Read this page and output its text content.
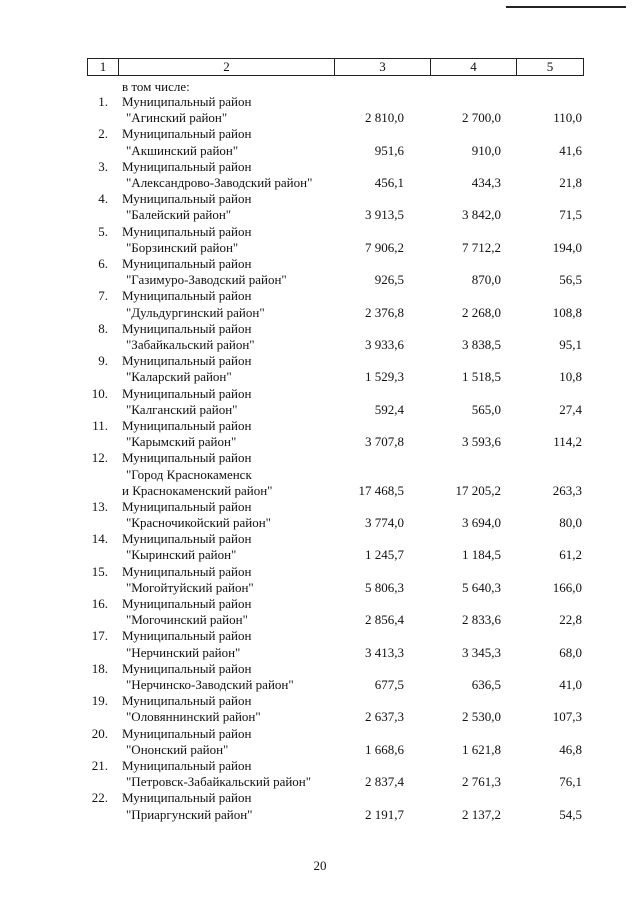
1	2	3	4	5
в том числе:
1. Муниципальный район
"Агинский район"	2 810,0	2 700,0	110,0
2. Муниципальный район
"Акшинский район"	951,6	910,0	41,6
3. Муниципальный район
"Александрово-Заводский район"	456,1	434,3	21,8
4. Муниципальный район
"Балейский район"	3 913,5	3 842,0	71,5
5. Муниципальный район
"Борзинский район"	7 906,2	7 712,2	194,0
6. Муниципальный район
"Газимуро-Заводский район"	926,5	870,0	56,5
7. Муниципальный район
"Дульдургинский район"	2 376,8	2 268,0	108,8
8. Муниципальный район
"Забайкальский район"	3 933,6	3 838,5	95,1
9. Муниципальный район
"Каларский район"	1 529,3	1 518,5	10,8
10. Муниципальный район
"Калганский район"	592,4	565,0	27,4
11. Муниципальный район
"Карымский район"	3 707,8	3 593,6	114,2
12. Муниципальный район
"Город Краснокаменск
и Краснокаменский район"	17 468,5	17 205,2	263,3
13. Муниципальный район
"Красночикойский район"	3 774,0	3 694,0	80,0
14. Муниципальный район
"Кыринский район"	1 245,7	1 184,5	61,2
15. Муниципальный район
"Могойтуйский район"	5 806,3	5 640,3	166,0
16. Муниципальный район
"Могочинский район"	2 856,4	2 833,6	22,8
17. Муниципальный район
"Нерчинский район"	3 413,3	3 345,3	68,0
18. Муниципальный район
"Нерчинско-Заводский район"	677,5	636,5	41,0
19. Муниципальный район
"Оловяннинский район"	2 637,3	2 530,0	107,3
20. Муниципальный район
"Ононский район"	1 668,6	1 621,8	46,8
21. Муниципальный район
"Петровск-Забайкальский район"	2 837,4	2 761,3	76,1
22. Муниципальный район
"Приаргунский район"	2 191,7	2 137,2	54,5
20
